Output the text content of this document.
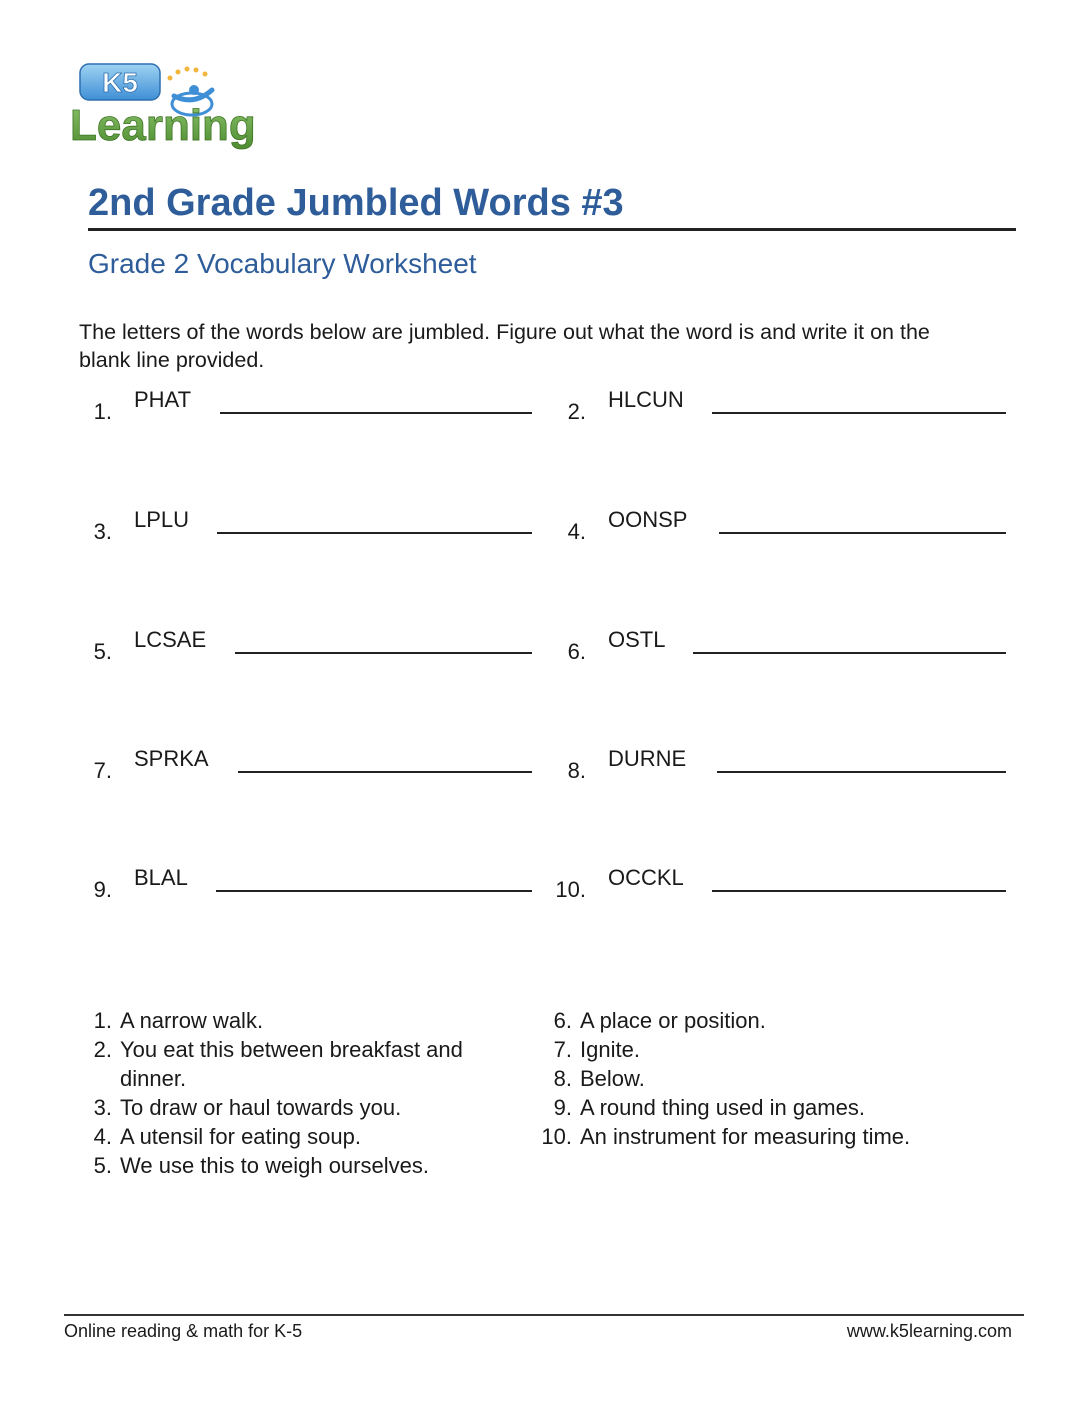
K5
Learning
2nd Grade Jumbled Words #3
Grade 2 Vocabulary Worksheet
The letters of the words below are jumbled. Figure out what the word is and write it on the blank line provided.
1. PHAT
3. LPLU
5. LCSAE
7. SPRKA
9. BLAL
2. HLCUN
4. OONSP
6. OSTL
8. DURNE
10. OCCKL
1. A narrow walk.
2. You eat this between breakfast and dinner.
3. To draw or haul towards you.
4. A utensil for eating soup.
5. We use this to weigh ourselves.
6. A place or position.
7. Ignite.
8. Below.
9. A round thing used in games.
10. An instrument for measuring time.
Online reading & math for K-5	www.k5learning.com
